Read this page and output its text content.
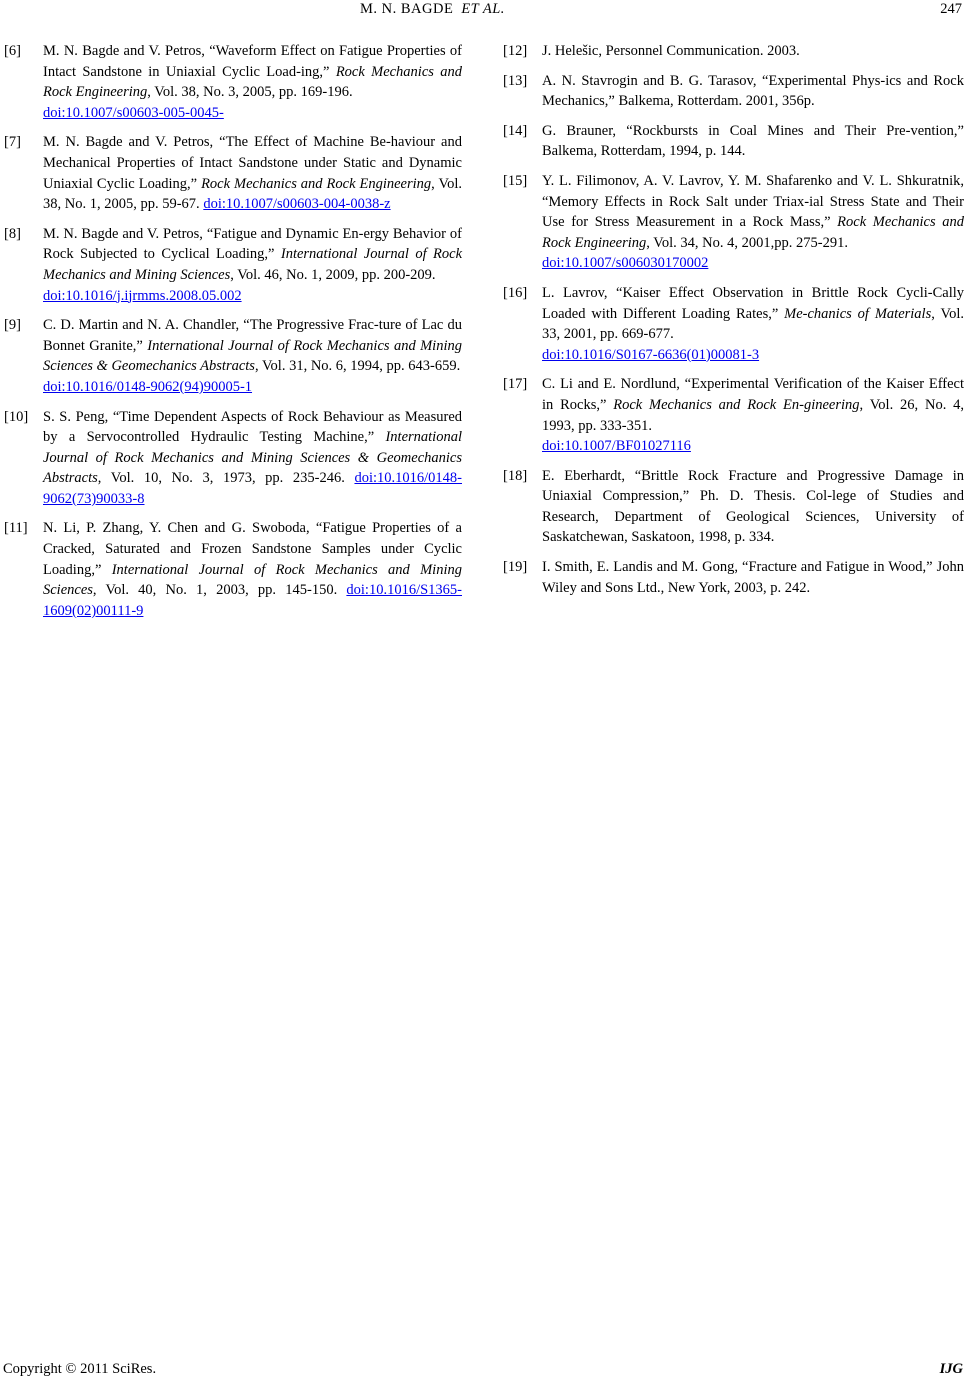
M. N. BAGDE ET AL.	247
[6] M. N. Bagde and V. Petros, “Waveform Effect on Fatigue Properties of Intact Sandstone in Uniaxial Cyclic Load-ing,” Rock Mechanics and Rock Engineering, Vol. 38, No. 3, 2005, pp. 169-196.
doi:10.1007/s00603-005-0045-
[7] M. N. Bagde and V. Petros, “The Effect of Machine Be-haviour and Mechanical Properties of Intact Sandstone under Static and Dynamic Uniaxial Cyclic Loading,” Rock Mechanics and Rock Engineering, Vol. 38, No. 1, 2005, pp. 59-67. doi:10.1007/s00603-004-0038-z
[8] M. N. Bagde and V. Petros, “Fatigue and Dynamic En-ergy Behavior of Rock Subjected to Cyclical Loading,” International Journal of Rock Mechanics and Mining Sciences, Vol. 46, No. 1, 2009, pp. 200-209.
doi:10.1016/j.ijrmms.2008.05.002
[9] C. D. Martin and N. A. Chandler, “The Progressive Frac-ture of Lac du Bonnet Granite,” International Journal of Rock Mechanics and Mining Sciences & Geomechanics Abstracts, Vol. 31, No. 6, 1994, pp. 643-659.
doi:10.1016/0148-9062(94)90005-1
[10] S. S. Peng, “Time Dependent Aspects of Rock Behaviour as Measured by a Servocontrolled Hydraulic Testing Machine,” International Journal of Rock Mechanics and Mining Sciences & Geomechanics Abstracts, Vol. 10, No. 3, 1973, pp. 235-246. doi:10.1016/0148-9062(73)90033-8
[11] N. Li, P. Zhang, Y. Chen and G. Swoboda, “Fatigue Properties of a Cracked, Saturated and Frozen Sandstone Samples under Cyclic Loading,” International Journal of Rock Mechanics and Mining Sciences, Vol. 40, No. 1, 2003, pp. 145-150. doi:10.1016/S1365-1609(02)00111-9
[12] J. Helešic, Personnel Communication. 2003.
[13] A. N. Stavrogin and B. G. Tarasov, “Experimental Phys-ics and Rock Mechanics,” Balkema, Rotterdam. 2001, 356p.
[14] G. Brauner, “Rockbursts in Coal Mines and Their Pre-vention,” Balkema, Rotterdam, 1994, p. 144.
[15] Y. L. Filimonov, A. V. Lavrov, Y. M. Shafarenko and V. L. Shkuratnik, “Memory Effects in Rock Salt under Triax-ial Stress State and Their Use for Stress Measurement in a Rock Mass,” Rock Mechanics and Rock Engineering, Vol. 34, No. 4, 2001,pp. 275-291.
doi:10.1007/s006030170002
[16] L. Lavrov, “Kaiser Effect Observation in Brittle Rock Cycli-Cally Loaded with Different Loading Rates,” Me-chanics of Materials, Vol. 33, 2001, pp. 669-677.
doi:10.1016/S0167-6636(01)00081-3
[17] C. Li and E. Nordlund, “Experimental Verification of the Kaiser Effect in Rocks,” Rock Mechanics and Rock En-gineering, Vol. 26, No. 4, 1993, pp. 333-351.
doi:10.1007/BF01027116
[18] E. Eberhardt, “Brittle Rock Fracture and Progressive Damage in Uniaxial Compression,” Ph. D. Thesis. Col-lege of Studies and Research, Department of Geological Sciences, University of Saskatchewan, Saskatoon, 1998, p. 334.
[19] I. Smith, E. Landis and M. Gong, “Fracture and Fatigue in Wood,” John Wiley and Sons Ltd., New York, 2003, p. 242.
Copyright © 2011 SciRes.	IJG
